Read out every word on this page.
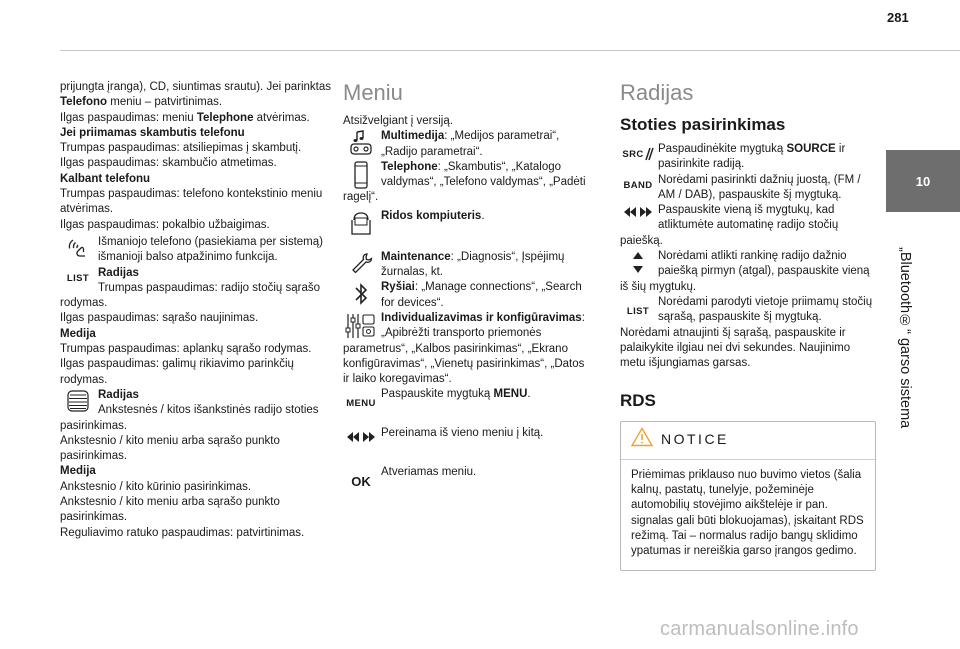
281
10
„Bluetooth®“ garso sistema

prijungta įranga), CD, siuntimas srautu). Jei parinktas Telefono meniu – patvirtinimas.

Ilgas paspaudimas: meniu Telephone atvėrimas.

Jei priimamas skambutis telefonu

Trumpas paspaudimas: atsiliepimas į skambutį.

Ilgas paspaudimas: skambučio atmetimas.

Kalbant telefonu

Trumpas paspaudimas: telefono kontekstinio meniu atvėrimas.

Ilgas paspaudimas: pokalbio užbaigimas.

Išmaniojo telefono (pasiekiama per sistemą) išmanioji balso atpažinimo funkcija.
LIST Radijas
Trumpas paspaudimas: radijo stočių sąrašo rodymas.

Ilgas paspaudimas: sąrašo naujinimas.

Medija

Trumpas paspaudimas: aplankų sąrašo rodymas.

Ilgas paspaudimas: galimų rikiavimo parinkčių rodymas.

Radijas
Ankstesnės / kitos išankstinės radijo stoties pasirinkimas.

Ankstesnio / kito meniu arba sąrašo punkto pasirinkimas.

Medija

Ankstesnio / kito kūrinio pasirinkimas.

Ankstesnio / kito meniu arba sąrašo punkto pasirinkimas.

Reguliavimo ratuko paspaudimas: patvirtinimas.

Meniu

Atsižvelgiant į versiją.

Multimedija: „Medijos parametrai“, „Radijo parametrai“.
Telephone: „Skambutis“, „Katalogo valdymas“, „Telefono valdymas“, „Padėti ragelį“.
Ridos kompiuteris.
Maintenance: „Diagnosis“, Įspėjimų žurnalas, kt.
Ryšiai: „Manage connections“, „Search for devices“.
Individualizavimas ir konfigūravimas: „Apibrėžti transporto priemonės parametrus“, „Kalbos pasirinkimas“, „Ekrano konfigūravimas“, „Vienetų pasirinkimas“, „Datos ir laiko koregavimas“.
MENU
Paspauskite mygtuką MENU.
Pereinama iš vieno meniu į kitą.
OK
Atveriamas meniu.
Radijas
Stoties pasirinkimas
SRC Paspaudinėkite mygtuką SOURCE ir pasirinkite radiją.
BAND Norėdami pasirinkti dažnių juostą, (FM / AM / DAB), paspauskite šį mygtuką.
Paspauskite vieną iš mygtukų, kad atliktumėte automatinę radijo stočių paiešką.
Norėdami atlikti rankinę radijo dažnio paiešką pirmyn (atgal), paspauskite vieną iš šių mygtukų.
LIST
Norėdami parodyti vietoje priimamų stočių sąrašą, paspauskite šį mygtuką.

Norėdami atnaujinti šį sąrašą, paspauskite ir palaikykite ilgiau nei dvi sekundes. Naujinimo metu išjungiamas garsas.

RDS
NOTICE
Priėmimas priklauso nuo buvimo vietos (šalia kalnų, pastatų, tunelyje, požeminėje automobilių stovėjimo aikštelėje ir pan. signalas gali būti blokuojamas), įskaitant RDS režimą. Tai – normalus radijo bangų sklidimo ypatumas ir nereiškia garso įrangos gedimo.
carmanualsonline.info
